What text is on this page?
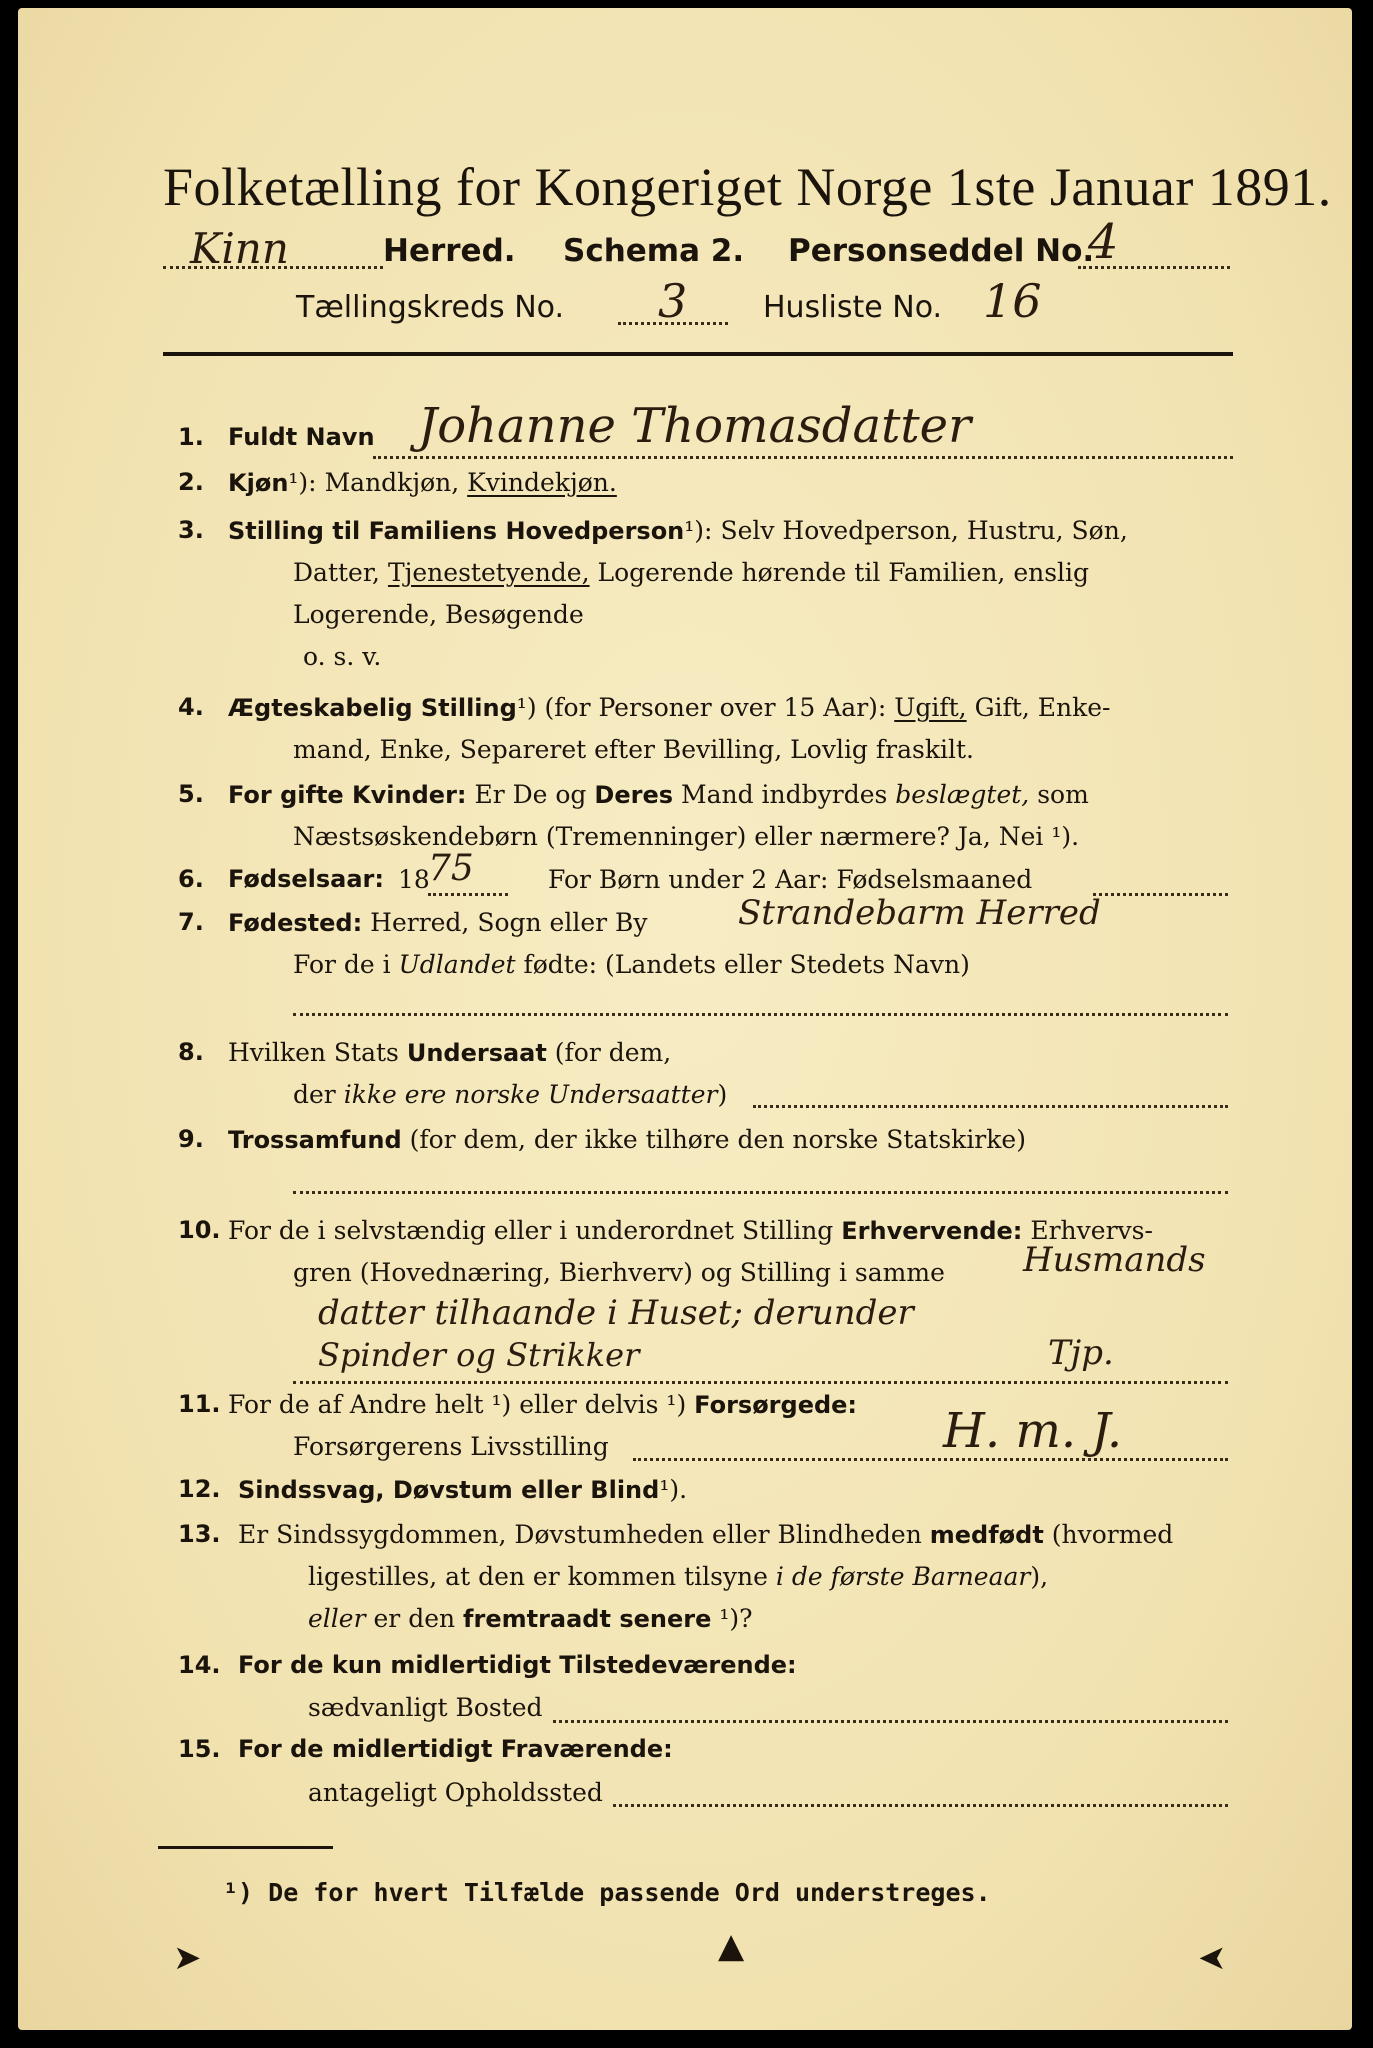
Folketælling for Kongeriget Norge 1ste Januar 1891.
Kinn	Herred. Schema 2. Personseddel No.
4
Tællingskreds No. 3	Husliste No. 16
1. Fuldt Navn Johanne Thomasdatter
2. Kjøn¹): Mandkjøn, Kvindekjøn.
3. Stilling til Familiens Hovedperson¹): Selv Hovedperson, Hustru, Søn,
Datter, Tjenestetyende, Logerende hørende til Familien, enslig
Logerende, Besøgende
o. s. v.
4. Ægteskabelig Stilling¹) (for Personer over 15 Aar): Ugift, Gift, Enke-
mand, Enke, Separeret efter Bevilling, Lovlig fraskilt.
5. For gifte Kvinder: Er De og Deres Mand indbyrdes beslægtet, som
Næstsøskendebørn (Tremenninger) eller nærmere? Ja, Nei ¹).
6. Fødselsaar: 18
75	For Børn under 2 Aar: Fødselsmaaned
7. Fødested: Herred, Sogn eller By	Strandebarm Herred
For de i Udlandet fødte: (Landets eller Stedets Navn)
8. Hvilken Stats Undersaat (for dem,
der ikke ere norske Undersaatter)
9. Trossamfund (for dem, der ikke tilhøre den norske Statskirke)
10. For de i selvstændig eller i underordnet Stilling Erhvervende: Erhvervs-
gren (Hovednæring, Bierhverv) og Stilling i samme Husmands
datter tilhaande i Huset; derunder
Spinder og Strikker	Tjp.
11. For de af Andre helt ¹) eller delvis ¹) Forsørgede:
Forsørgerens Livsstilling	H. m. J.
12. Sindssvag, Døvstum eller Blind¹).
13. Er Sindssygdommen, Døvstumheden eller Blindheden medfødt (hvormed
ligestilles, at den er kommen tilsyne i de første Barneaar),
eller er den fremtraadt senere ¹)?
14. For de kun midlertidigt Tilstedeværende:
sædvanligt Bosted
15. For de midlertidigt Fraværende:
antageligt Opholdssted
¹) De for hvert Tilfælde passende Ord understreges.
➤	▲	➤
